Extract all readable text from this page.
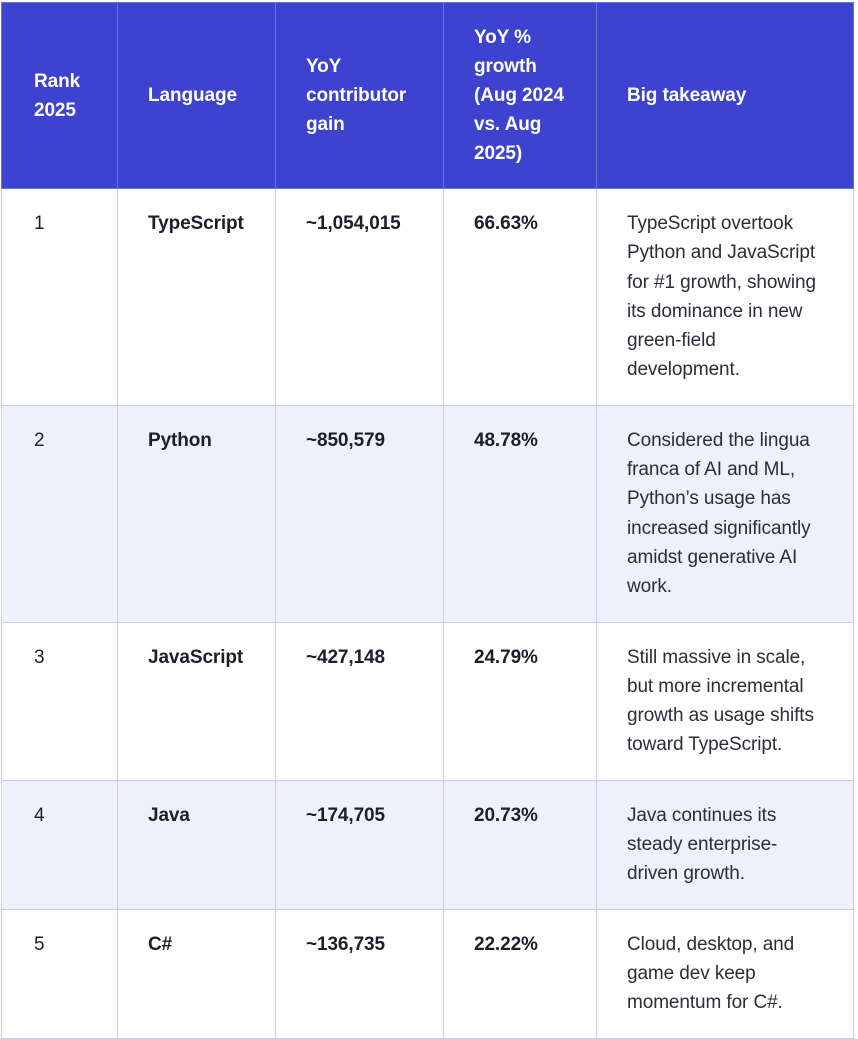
Rank 2025	Language	YoY contributor gain	YoY % growth (Aug 2024 vs. Aug 2025)	Big takeaway
1	TypeScript	~1,054,015	66.63%	TypeScript overtook Python and JavaScript for #1 growth, showing its dominance in new green-field development.
2	Python	~850,579	48.78%	Considered the lingua franca of AI and ML, Python’s usage has increased significantly amidst generative AI work.
3	JavaScript	~427,148	24.79%	Still massive in scale, but more incremental growth as usage shifts toward TypeScript.
4	Java	~174,705	20.73%	Java continues its steady enterprise-driven growth.
5	C#	~136,735	22.22%	Cloud, desktop, and game dev keep momentum for C#.
